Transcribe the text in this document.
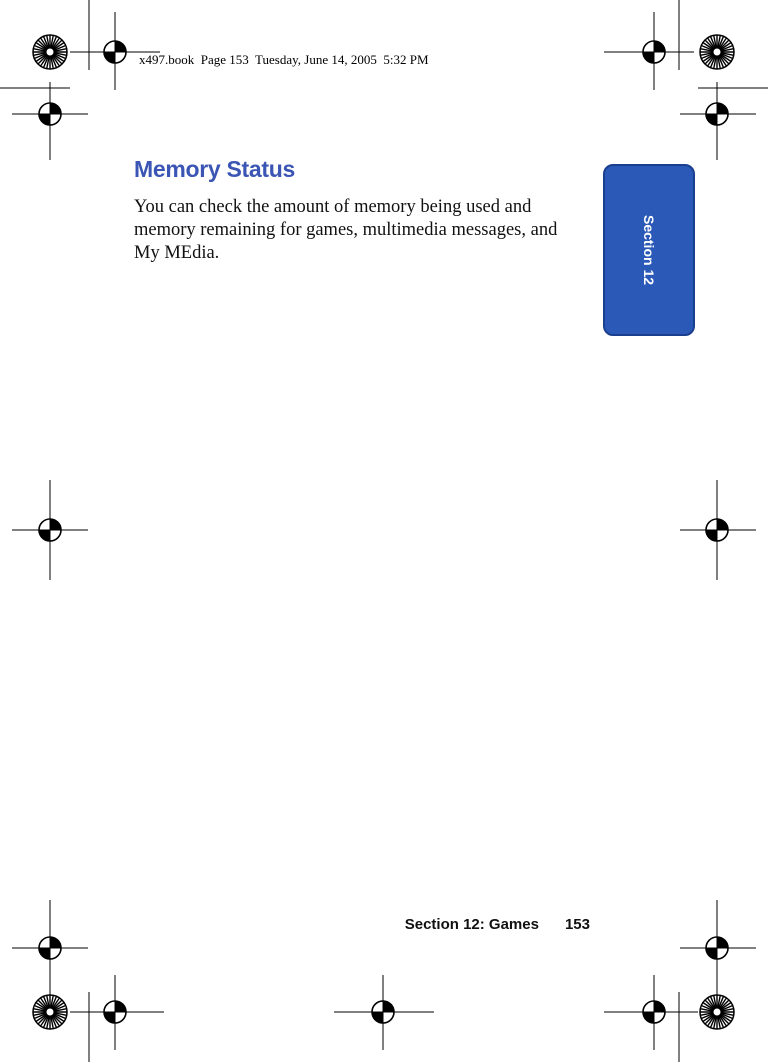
x497.book  Page 153  Tuesday, June 14, 2005  5:32 PM
Memory Status

You can check the amount of memory being used and memory remaining for games, multimedia messages, and My MEdia.	Section 12
Section 12: Games 153
